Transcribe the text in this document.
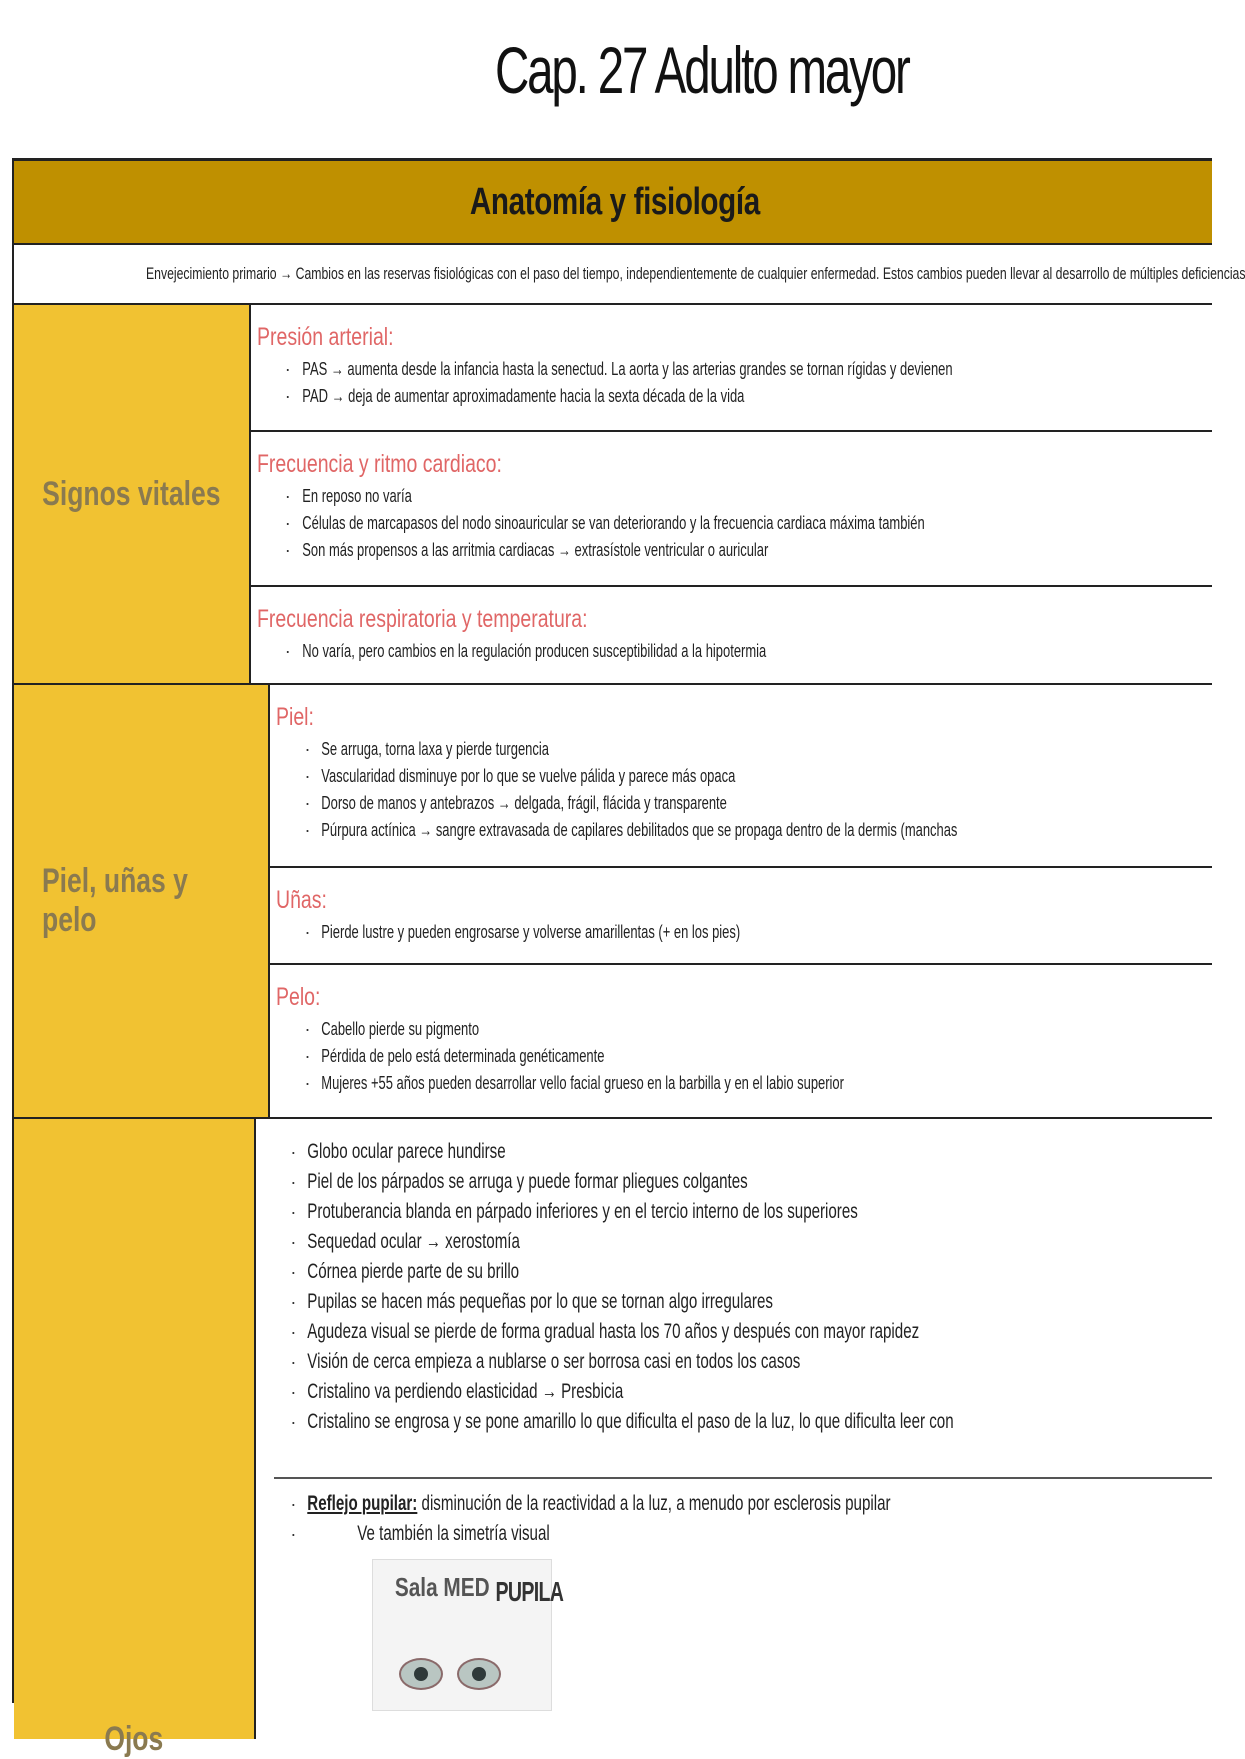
Cap. 27 Adulto mayor
Anatomía y fisiología
Envejecimiento primario → Cambios en las reservas fisiológicas con el paso del tiempo, independientemente de cualquier enfermedad. Estos cambios pueden llevar al desarrollo de múltiples deficiencias
Signos vitales
Presión arterial:
· PAS → aumenta desde la infancia hasta la senectud. La aorta y las arterias grandes se tornan rígidas y devienen
· PAD → deja de aumentar aproximadamente hacia la sexta década de la vida
Frecuencia y ritmo cardiaco:
· En reposo no varía
· Células de marcapasos del nodo sinoauricular se van deteriorando y la frecuencia cardiaca máxima también
· Son más propensos a las arritmia cardiacas → extrasístole ventricular o auricular
Frecuencia respiratoria y temperatura:
· No varía, pero cambios en la regulación producen susceptibilidad a la hipotermia
Piel, uñas y pelo
Piel:
· Se arruga, torna laxa y pierde turgencia
· Vascularidad disminuye por lo que se vuelve pálida y parece más opaca
· Dorso de manos y antebrazos → delgada, frágil, flácida y transparente
· Púrpura actínica → sangre extravasada de capilares debilitados que se propaga dentro de la dermis (manchas
Uñas:
· Pierde lustre y pueden engrosarse y volverse amarillentas (+ en los pies)
Pelo:
· Cabello pierde su pigmento
· Pérdida de pelo está determinada genéticamente
· Mujeres +55 años pueden desarrollar vello facial grueso en la barbilla y en el labio superior
Ojos
· Globo ocular parece hundirse
· Piel de los párpados se arruga y puede formar pliegues colgantes
· Protuberancia blanda en párpado inferiores y en el tercio interno de los superiores
· Sequedad ocular → xerostomía
· Córnea pierde parte de su brillo
· Pupilas se hacen más pequeñas por lo que se tornan algo irregulares
· Agudeza visual se pierde de forma gradual hasta los 70 años y después con mayor rapidez
· Visión de cerca empieza a nublarse o ser borrosa casi en todos los casos
· Cristalino va perdiendo elasticidad → Presbicia
· Cristalino se engrosa y se pone amarillo lo que dificulta el paso de la luz, lo que dificulta leer con
· Reflejo pupilar: disminución de la reactividad a la luz, a menudo por esclerosis pupilar
· Ve también la simetría visual
Sala MED PUPILA
